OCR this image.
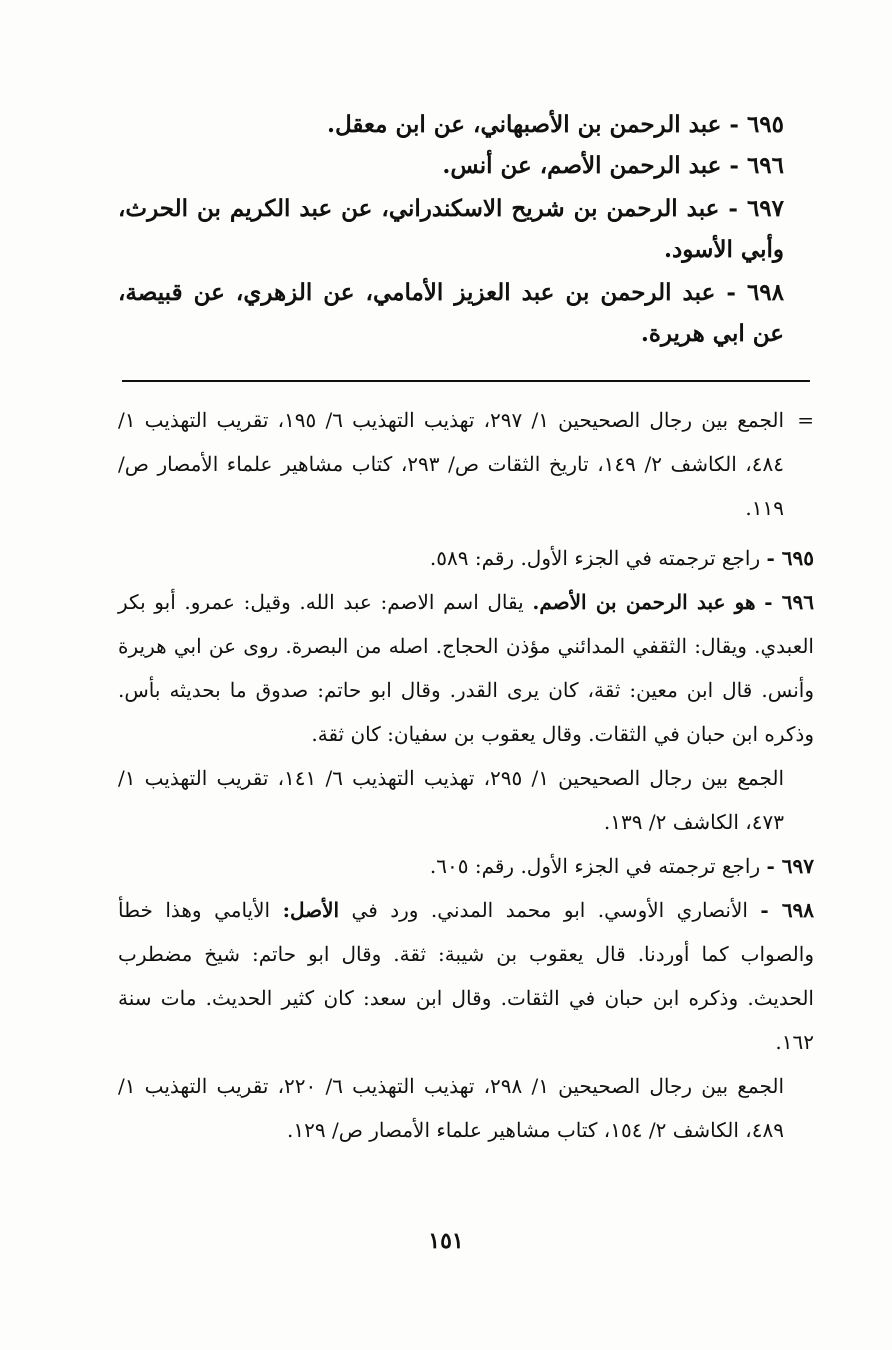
٦٩٥ - عبد الرحمن بن الأصبهاني، عن ابن معقل.

٦٩٦ - عبد الرحمن الأصم، عن أنس.

٦٩٧ - عبد الرحمن بن شريح الاسكندراني، عن عبد الكريم بن الحرث، وأبي الأسود.

٦٩٨ - عبد الرحمن بن عبد العزيز الأمامي، عن الزهري، عن قبيصة، عن ابي هريرة.

=
الجمع بين رجال الصحيحين ١/ ٢٩٧، تهذيب التهذيب ٦/ ١٩٥، تقريب التهذيب ١/ ٤٨٤، الكاشف ٢/ ١٤٩، تاريخ الثقات ص/ ٢٩٣، كتاب مشاهير علماء الأمصار ص/ ١١٩.

٦٩٥ - راجع ترجمته في الجزء الأول. رقم: ٥٨٩.

٦٩٦ - هو عبد الرحمن بن الأصم. يقال اسم الاصم: عبد الله. وقيل: عمرو. أبو بكر العبدي. ويقال: الثقفي المدائني مؤذن الحجاج. اصله من البصرة. روى عن ابي هريرة وأنس. قال ابن معين: ثقة، كان يرى القدر. وقال ابو حاتم: صدوق ما بحديثه بأس. وذكره ابن حبان في الثقات. وقال يعقوب بن سفيان: كان ثقة.

الجمع بين رجال الصحيحين ١/ ٢٩٥، تهذيب التهذيب ٦/ ١٤١، تقريب التهذيب ١/ ٤٧٣، الكاشف ٢/ ١٣٩.

٦٩٧ - راجع ترجمته في الجزء الأول. رقم: ٦٠٥.

٦٩٨ - الأنصاري الأوسي. ابو محمد المدني. ورد في الأصل: الأيامي وهذا خطأ والصواب كما أوردنا. قال يعقوب بن شيبة: ثقة. وقال ابو حاتم: شيخ مضطرب الحديث. وذكره ابن حبان في الثقات. وقال ابن سعد: كان كثير الحديث. مات سنة ١٦٢.

الجمع بين رجال الصحيحين ١/ ٢٩٨، تهذيب التهذيب ٦/ ٢٢٠، تقريب التهذيب ١/ ٤٨٩، الكاشف ٢/ ١٥٤، كتاب مشاهير علماء الأمصار ص/ ١٢٩.

١٥١
